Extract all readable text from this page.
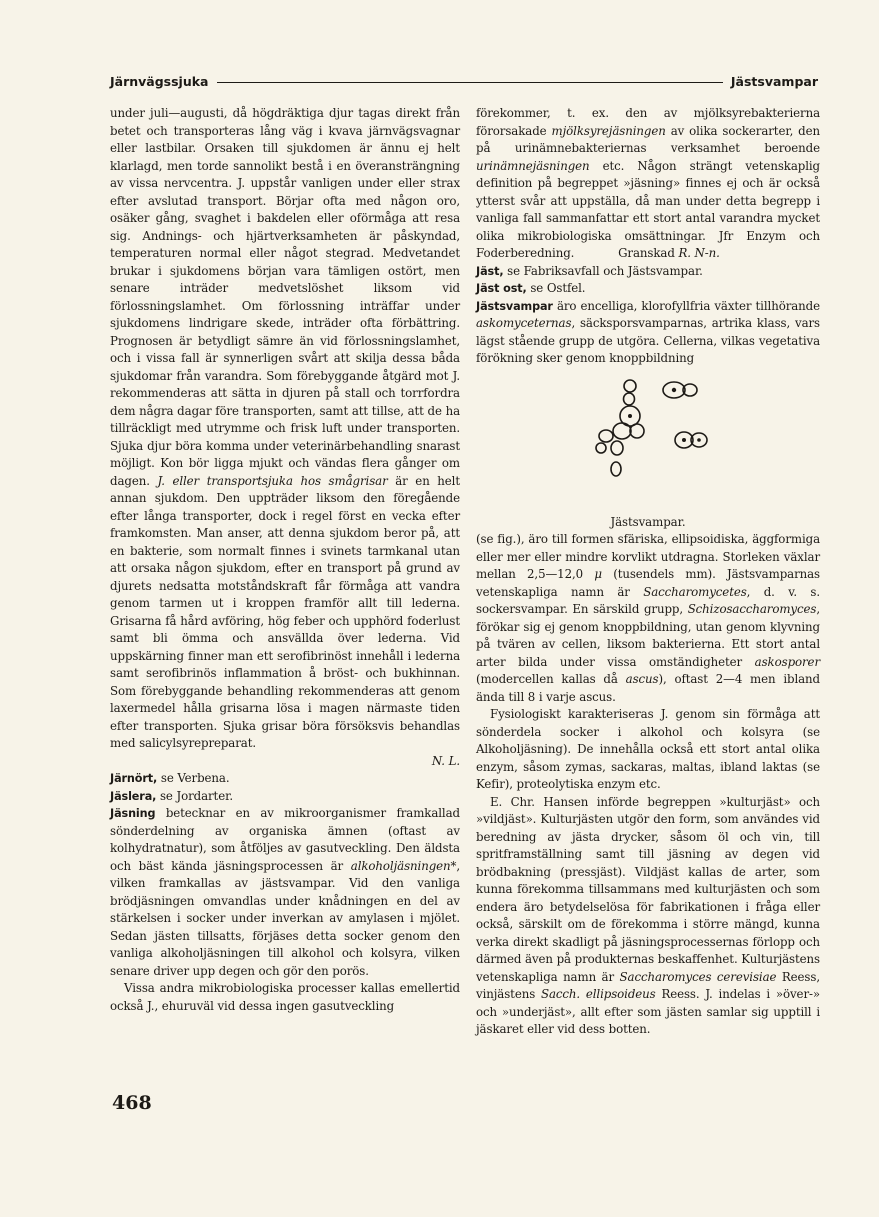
Järnvägssjuka	Jästsvampar

under juli—augusti, då högdräktiga djur tagas direkt från betet och transporteras lång väg i kvava järnvägsvagnar eller lastbilar. Orsaken till sjukdomen är ännu ej helt klarlagd, men torde sannolikt bestå i en överansträngning av vissa nervcentra. J. uppstår vanligen under eller strax efter avslutad transport. Börjar ofta med någon oro, osäker gång, svaghet i bakdelen eller oförmåga att resa sig. Andnings- och hjärtverksamheten är påskyndad, temperaturen normal eller något stegrad. Medvetandet brukar i sjukdomens början vara tämligen ostört, men senare inträder medvetslöshet liksom vid förlossningslamhet. Om förlossning inträffar under sjukdomens lindrigare skede, inträder ofta förbättring. Prognosen är betydligt sämre än vid förlossningslamhet, och i vissa fall är synnerligen svårt att skilja dessa båda sjukdomar från varandra. Som förebyggande åtgärd mot J. rekommenderas att sätta in djuren på stall och torrfordra dem några dagar före transporten, samt att tillse, att de ha tillräckligt med utrymme och frisk luft under transporten. Sjuka djur böra komma under veterinärbehandling snarast möjligt. Kon bör ligga mjukt och vändas flera gånger om dagen. J. eller transportsjuka hos smågrisar är en helt annan sjukdom. Den uppträder liksom den föregående efter långa transporter, dock i regel först en vecka efter framkomsten. Man anser, att denna sjukdom beror på, att en bakterie, som normalt finnes i svinets tarmkanal utan att orsaka någon sjukdom, efter en transport på grund av djurets nedsatta motståndskraft får förmåga att vandra genom tarmen ut i kroppen framför allt till lederna. Grisarna få hård avföring, hög feber och upphörd foderlust samt bli ömma och ansvällda över lederna. Vid uppskärning finner man ett serofibrinöst innehåll i lederna samt serofibrinös inflammation å bröst- och bukhinnan. Som förebyggande behandling rekommenderas att genom laxermedel hålla grisarna lösa i magen närmaste tiden efter transporten. Sjuka grisar böra försöksvis behandlas med salicylsyrepreparat.

N. L.

Järnört, se Verbena.

Jäslera, se Jordarter.

Jäsning betecknar en av mikroorganismer framkallad sönderdelning av organiska ämnen (oftast av kolhydratnatur), som åtföljes av gasutveckling. Den äldsta och bäst kända jäsningsprocessen är alkoholjäsningen*, vilken framkallas av jästsvampar. Vid den vanliga brödjäsningen omvandlas under knådningen en del av stärkelsen i socker under inverkan av amylasen i mjölet. Sedan jästen tillsatts, förjäses detta socker genom den vanliga alkoholjäsningen till alkohol och kolsyra, vilken senare driver upp degen och gör den porös.

Vissa andra mikrobiologiska processer kallas emellertid också J., ehuruväl vid dessa ingen gasutveckling

förekommer, t. ex. den av mjölksyrebakteriernа förorsakade mjölksyrejäsningen av olika sockerarter, den på urinämnebakteriernas verksamhet beroende urinämnejäsningen etc. Någon strängt vetenskaplig definition på begreppet »jäsning» finnes ej och är också ytterst svår att uppställa, då man under detta begrepp i vanliga fall sammanfattar ett stort antal varandra mycket olika mikrobiologiska omsättningar. Jfr Enzym och Foderberedning.	Granskad R. N-n.

Jäst, se Fabriksavfall och Jästsvampar.

Jäst ost, se Ostfel.

Jästsvampar äro encelliga, klorofyllfria växter tillhörande askomyceternas, säcksporsvamparnas, artrika klass, vars lägst stående grupp de utgöra. Cellerna, vilkas vegetativa förökning sker genom knoppbildning

Jästsvampar.

(se fig.), äro till formen sfäriska, ellipsoidiska, äggformiga eller mer eller mindre korvlikt utdragna. Storleken växlar mellan 2,5—12,0 μ (tusendels mm). Jästsvamparnas vetenskapliga namn är Saccharomycetes, d. v. s. sockersvampar. En särskild grupp, Schizosaccharomyces, förökar sig ej genom knoppbildning, utan genom klyvning på tvären av cellen, liksom bakterierna. Ett stort antal arter bilda under vissa omständigheter askosporer (modercellen kallas då ascus), oftast 2—4 men ibland ända till 8 i varje ascus.

Fysiologiskt karakteriseras J. genom sin förmåga att sönderdela socker i alkohol och kolsyra (se Alkoholjäsning). De innehålla också ett stort antal olika enzym, såsom zymas, sackaras, maltas, ibland laktas (se Kefir), proteolytiska enzym etc.

E. Chr. Hansen införde begreppen »kulturjäst» och »vildjäst». Kulturjästen utgör den form, som användes vid beredning av jästa drycker, såsom öl och vin, till spritframställning samt till jäsning av degen vid brödbakning (pressjäst). Vildjäst kallas de arter, som kunna förekomma tillsammans med kulturjästen och som endera äro betydelselösa för fabrikationen i fråga eller också, särskilt om de förekomma i större mängd, kunna verka direkt skadligt på jäsningsprocessernas förlopp och därmed även på produkternas beskaffenhet. Kulturjästens vetenskapliga namn är Saccharomyces cerevisiae Reess, vinjästens Sacch. ellipsoideus Reess. J. indelas i »över-» och »underjäst», allt efter som jästen samlar sig upptill i jäskaret eller vid dess botten.

468
